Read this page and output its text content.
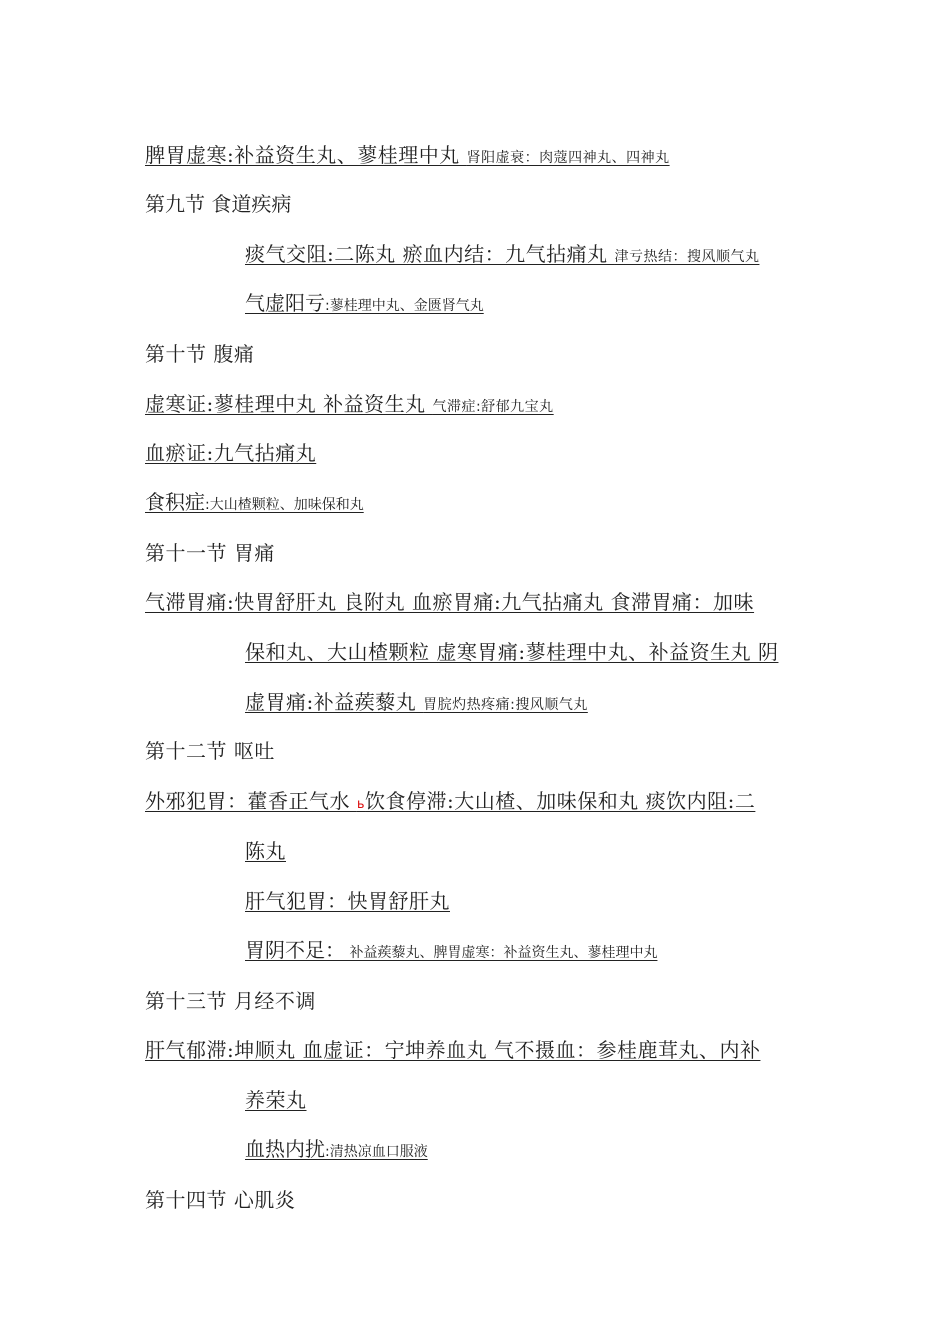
脾胃虚寒:补益资生丸、蓼桂理中丸 肾阳虚衰：肉蔻四神丸、四神丸
第九节 食道疾病
痰气交阻:二陈丸 瘀血内结：九气拈痛丸 津亏热结：搜风顺气丸
气虚阳亏:蓼桂理中丸、金匮肾气丸
第十节 腹痛
虚寒证:蓼桂理中丸 补益资生丸 气滞症:舒郁九宝丸
血瘀证:九气拈痛丸
食积症:大山楂颗粒、加味保和丸
第十一节 胃痛
气滞胃痛:快胃舒肝丸 良附丸 血瘀胃痛:九气拈痛丸 食滞胃痛：加味
保和丸、大山楂颗粒 虚寒胃痛:蓼桂理中丸、补益资生丸 阴
虚胃痛:补益蒺藜丸 胃脘灼热疼痛:搜风顺气丸
第十二节 呕吐
外邪犯胃：藿香正气水 ь饮食停滞:大山楂、加味保和丸 痰饮内阻:二
陈丸
肝气犯胃：快胃舒肝丸
胃阴不足： 补益蒺藜丸、脾胃虚寒：补益资生丸、蓼桂理中丸
第十三节 月经不调
肝气郁滞:坤顺丸 血虚证：宁坤养血丸 气不摄血：参桂鹿茸丸、内补
养荣丸
血热内扰:清热凉血口服液
第十四节 心肌炎
